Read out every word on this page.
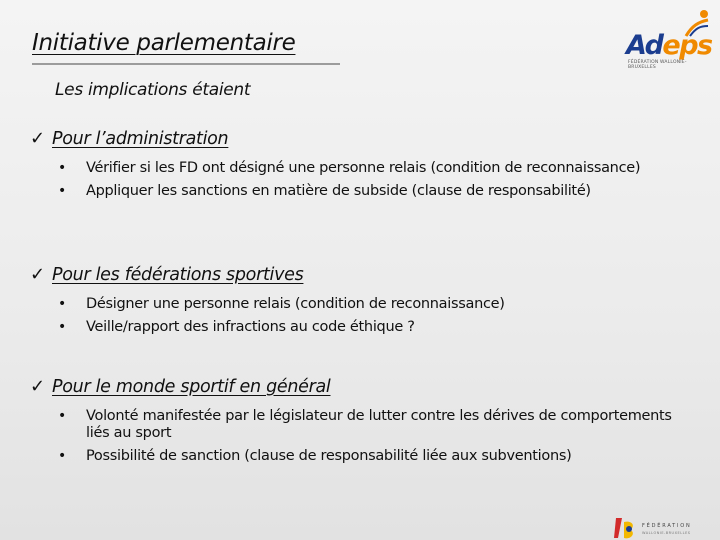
Initiative parlementaire
Les implications étaient
Adeps
FÉDÉRATION WALLONIE-BRUXELLES
✓ Pour l’administration
• Vérifier si les FD ont désigné une personne relais (condition de reconnaissance)
• Appliquer les sanctions en matière de subside (clause de responsabilité)
✓ Pour les fédérations sportives
• Désigner une personne relais (condition de reconnaissance)
• Veille/rapport des infractions au code éthique ?
✓ Pour le monde sportif en général
• Volonté manifestée par le législateur de lutter contre les dérives de comportements liés au sport
• Possibilité de sanction (clause de responsabilité liée aux subventions)
FÉDÉRATION
WALLONIE-BRUXELLES
